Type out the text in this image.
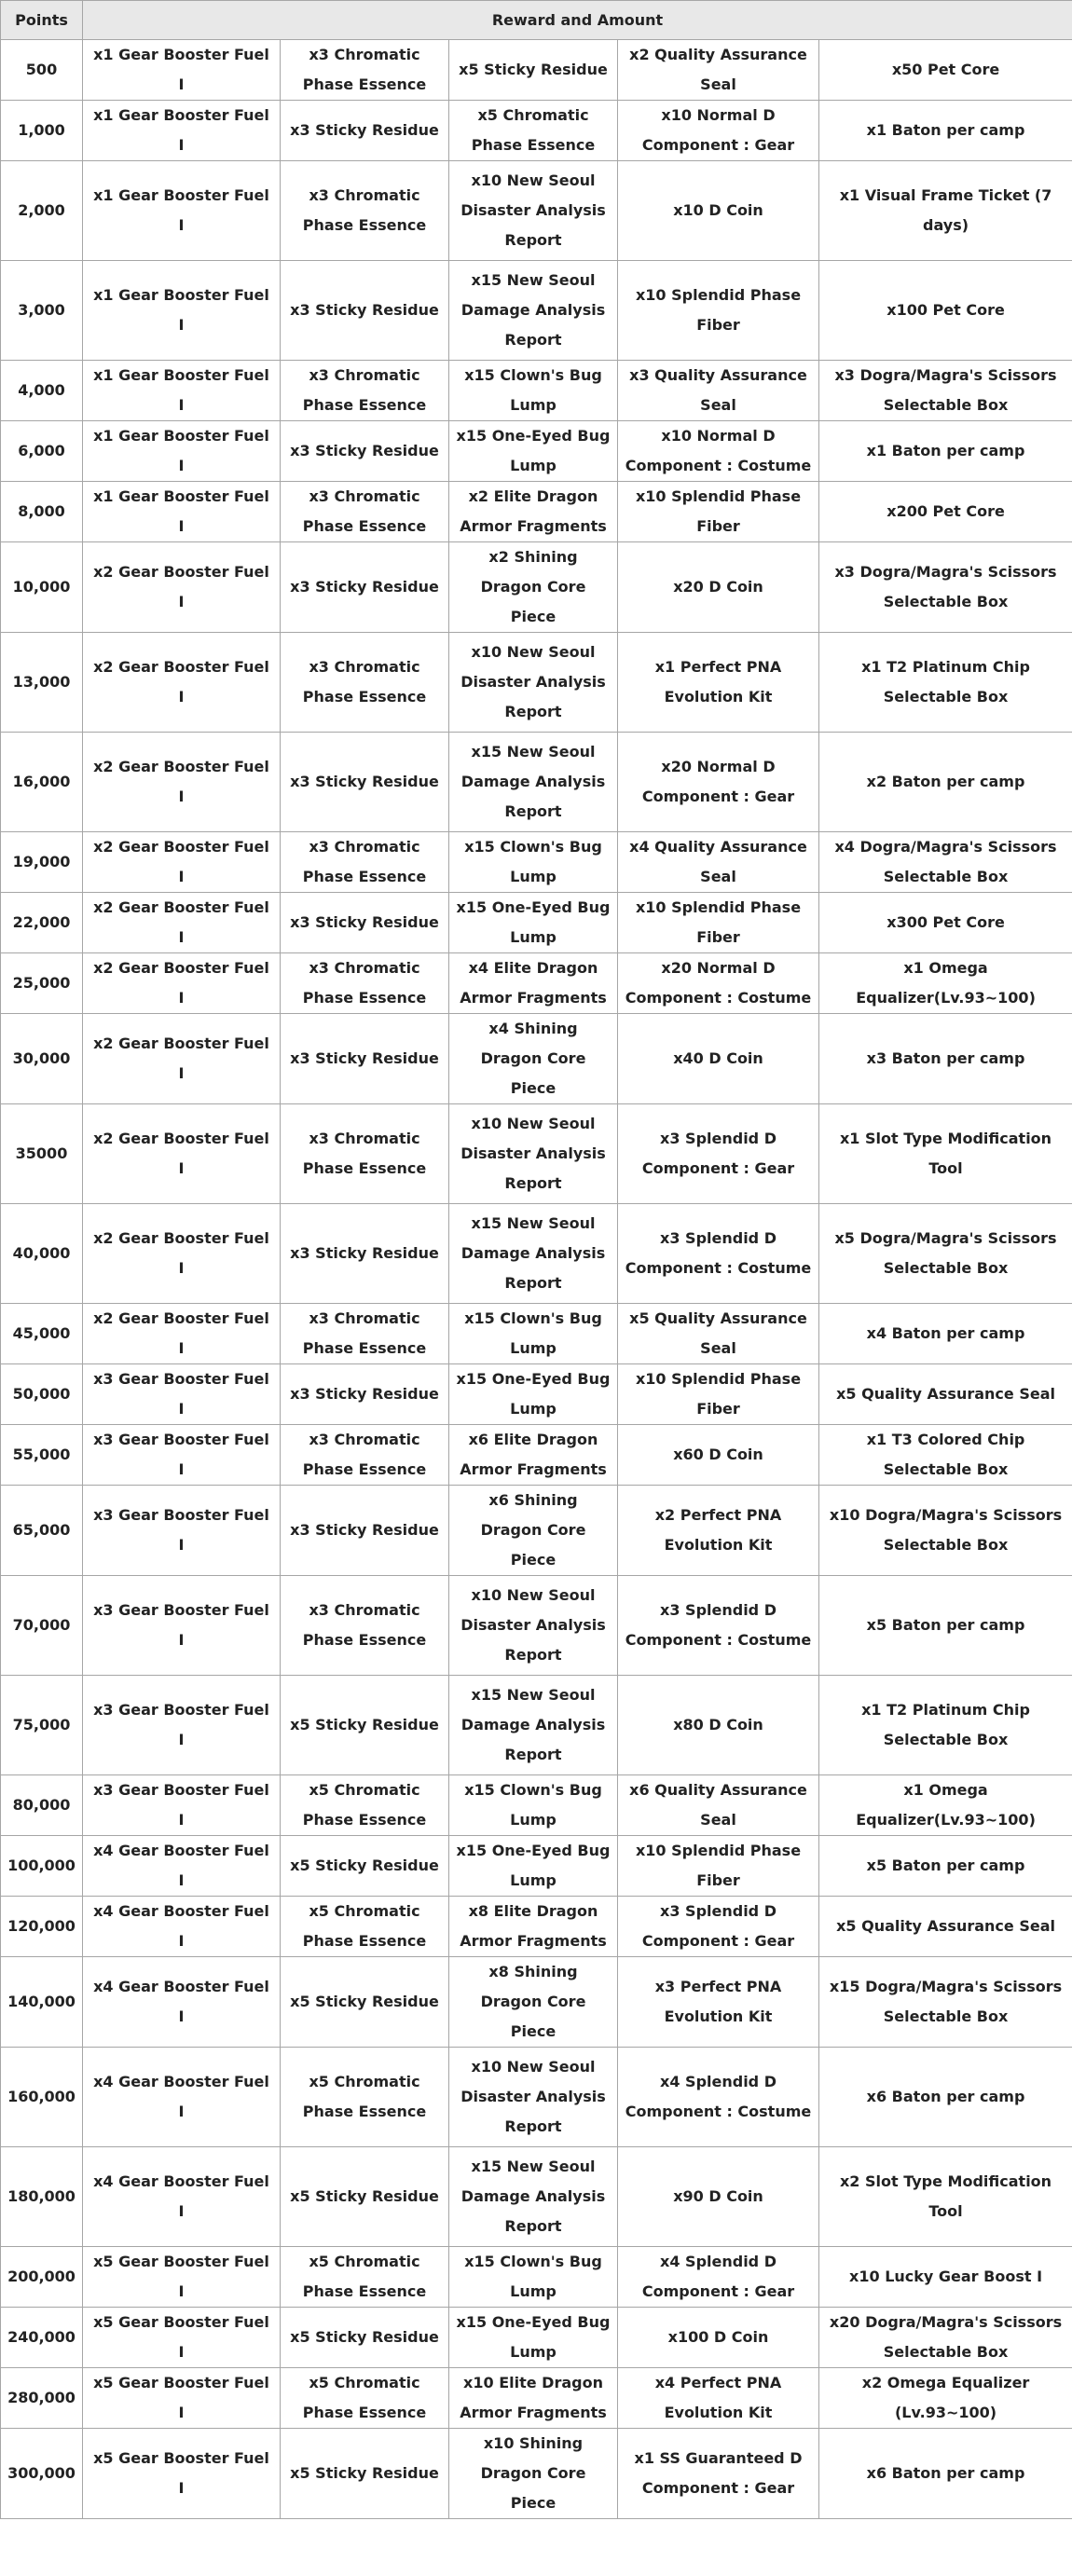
Points	Reward and Amount				
500	x1 Gear Booster Fuel I	x3 Chromatic Phase Essence	x5 Sticky Residue	x2 Quality Assurance Seal	x50 Pet Core
1,000	x1 Gear Booster Fuel I	x3 Sticky Residue	x5 Chromatic Phase Essence	x10 Normal D Component : Gear	x1 Baton per camp
2,000	x1 Gear Booster Fuel I	x3 Chromatic Phase Essence	x10 New Seoul Disaster Analysis Report	x10 D Coin	x1 Visual Frame Ticket (7 days)
3,000	x1 Gear Booster Fuel I	x3 Sticky Residue	x15 New Seoul Damage Analysis Report	x10 Splendid Phase Fiber	x100 Pet Core
4,000	x1 Gear Booster Fuel I	x3 Chromatic Phase Essence	x15 Clown's Bug Lump	x3 Quality Assurance Seal	x3 Dogra/Magra's Scissors Selectable Box
6,000	x1 Gear Booster Fuel I	x3 Sticky Residue	x15 One-Eyed Bug Lump	x10 Normal D Component : Costume	x1 Baton per camp
8,000	x1 Gear Booster Fuel I	x3 Chromatic Phase Essence	x2 Elite Dragon Armor Fragments	x10 Splendid Phase Fiber	x200 Pet Core
10,000	x2 Gear Booster Fuel I	x3 Sticky Residue	x2 Shining Dragon Core Piece	x20 D Coin	x3 Dogra/Magra's Scissors Selectable Box
13,000	x2 Gear Booster Fuel I	x3 Chromatic Phase Essence	x10 New Seoul Disaster Analysis Report	x1 Perfect PNA Evolution Kit	x1 T2 Platinum Chip Selectable Box
16,000	x2 Gear Booster Fuel I	x3 Sticky Residue	x15 New Seoul Damage Analysis Report	x20 Normal D Component : Gear	x2 Baton per camp
19,000	x2 Gear Booster Fuel I	x3 Chromatic Phase Essence	x15 Clown's Bug Lump	x4 Quality Assurance Seal	x4 Dogra/Magra's Scissors Selectable Box
22,000	x2 Gear Booster Fuel I	x3 Sticky Residue	x15 One-Eyed Bug Lump	x10 Splendid Phase Fiber	x300 Pet Core
25,000	x2 Gear Booster Fuel I	x3 Chromatic Phase Essence	x4 Elite Dragon Armor Fragments	x20 Normal D Component : Costume	x1 Omega Equalizer(Lv.93~100)
30,000	x2 Gear Booster Fuel I	x3 Sticky Residue	x4 Shining Dragon Core Piece	x40 D Coin	x3 Baton per camp
35000	x2 Gear Booster Fuel I	x3 Chromatic Phase Essence	x10 New Seoul Disaster Analysis Report	x3 Splendid D Component : Gear	x1 Slot Type Modification Tool
40,000	x2 Gear Booster Fuel I	x3 Sticky Residue	x15 New Seoul Damage Analysis Report	x3 Splendid D Component : Costume	x5 Dogra/Magra's Scissors Selectable Box
45,000	x2 Gear Booster Fuel I	x3 Chromatic Phase Essence	x15 Clown's Bug Lump	x5 Quality Assurance Seal	x4 Baton per camp
50,000	x3 Gear Booster Fuel I	x3 Sticky Residue	x15 One-Eyed Bug Lump	x10 Splendid Phase Fiber	x5 Quality Assurance Seal
55,000	x3 Gear Booster Fuel I	x3 Chromatic Phase Essence	x6 Elite Dragon Armor Fragments	x60 D Coin	x1 T3 Colored Chip Selectable Box
65,000	x3 Gear Booster Fuel I	x3 Sticky Residue	x6 Shining Dragon Core Piece	x2 Perfect PNA Evolution Kit	x10 Dogra/Magra's Scissors Selectable Box
70,000	x3 Gear Booster Fuel I	x3 Chromatic Phase Essence	x10 New Seoul Disaster Analysis Report	x3 Splendid D Component : Costume	x5 Baton per camp
75,000	x3 Gear Booster Fuel I	x5 Sticky Residue	x15 New Seoul Damage Analysis Report	x80 D Coin	x1 T2 Platinum Chip Selectable Box
80,000	x3 Gear Booster Fuel I	x5 Chromatic Phase Essence	x15 Clown's Bug Lump	x6 Quality Assurance Seal	x1 Omega Equalizer(Lv.93~100)
100,000	x4 Gear Booster Fuel I	x5 Sticky Residue	x15 One-Eyed Bug Lump	x10 Splendid Phase Fiber	x5 Baton per camp
120,000	x4 Gear Booster Fuel I	x5 Chromatic Phase Essence	x8 Elite Dragon Armor Fragments	x3 Splendid D Component : Gear	x5 Quality Assurance Seal
140,000	x4 Gear Booster Fuel I	x5 Sticky Residue	x8 Shining Dragon Core Piece	x3 Perfect PNA Evolution Kit	x15 Dogra/Magra's Scissors Selectable Box
160,000	x4 Gear Booster Fuel I	x5 Chromatic Phase Essence	x10 New Seoul Disaster Analysis Report	x4 Splendid D Component : Costume	x6 Baton per camp
180,000	x4 Gear Booster Fuel I	x5 Sticky Residue	x15 New Seoul Damage Analysis Report	x90 D Coin	x2 Slot Type Modification Tool
200,000	x5 Gear Booster Fuel I	x5 Chromatic Phase Essence	x15 Clown's Bug Lump	x4 Splendid D Component : Gear	x10 Lucky Gear Boost I
240,000	x5 Gear Booster Fuel I	x5 Sticky Residue	x15 One-Eyed Bug Lump	x100 D Coin	x20 Dogra/Magra's Scissors Selectable Box
280,000	x5 Gear Booster Fuel I	x5 Chromatic Phase Essence	x10 Elite Dragon Armor Fragments	x4 Perfect PNA Evolution Kit	x2 Omega Equalizer (Lv.93~100)
300,000	x5 Gear Booster Fuel I	x5 Sticky Residue	x10 Shining Dragon Core Piece	x1 SS Guaranteed D Component : Gear	x6 Baton per camp
